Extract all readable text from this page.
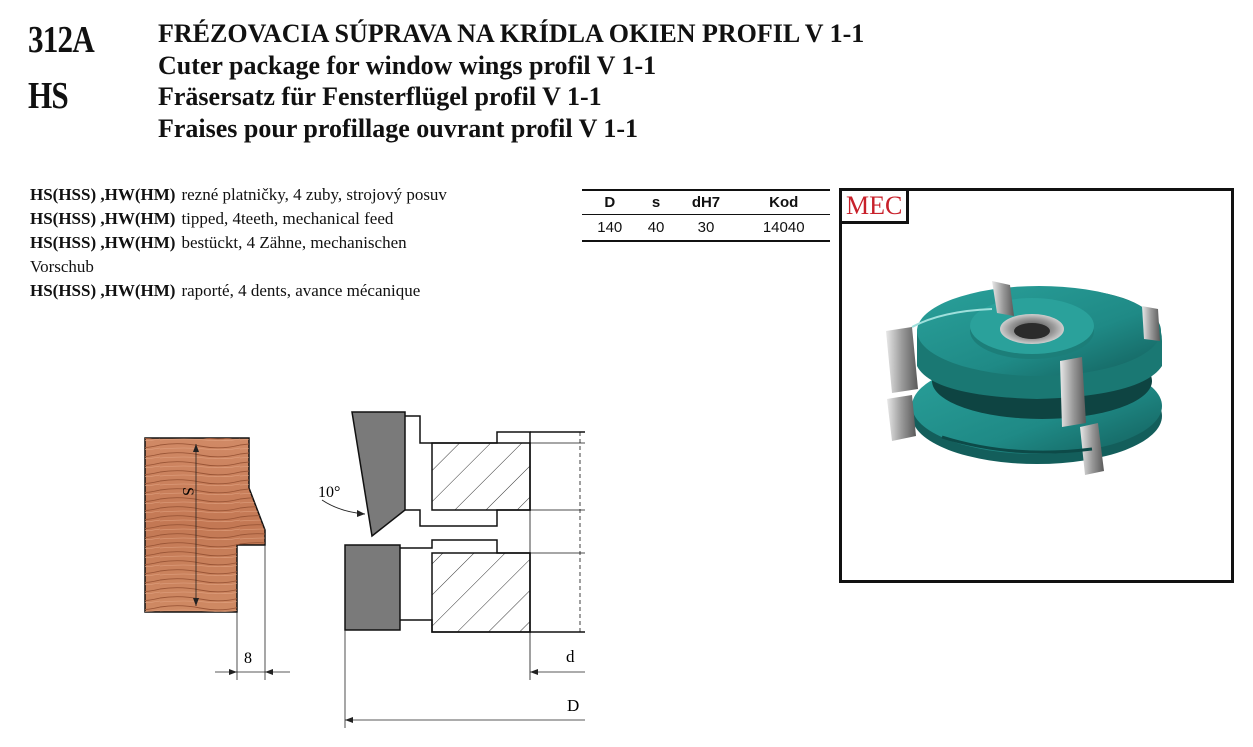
312A
HS
FRÉZOVACIA SÚPRAVA NA KRÍDLA OKIEN PROFIL V 1-1
Cuter package for window wings profil V 1-1
Fräsersatz für Fensterflügel profil V 1-1
Fraises pour profillage ouvrant profil V 1-1
HS(HSS) ,HW(HM) rezné platničky, 4 zuby, strojový posuv
HS(HSS) ,HW(HM) tipped, 4teeth, mechanical feed
HS(HSS) ,HW(HM) bestückt, 4 Zähne, mechanischen
Vorschub
HS(HSS) ,HW(HM) raporté, 4 dents, avance mécanique
D	s	dH7	Kod
140	40	30	14040
MEC
S
8
10°
d
D
